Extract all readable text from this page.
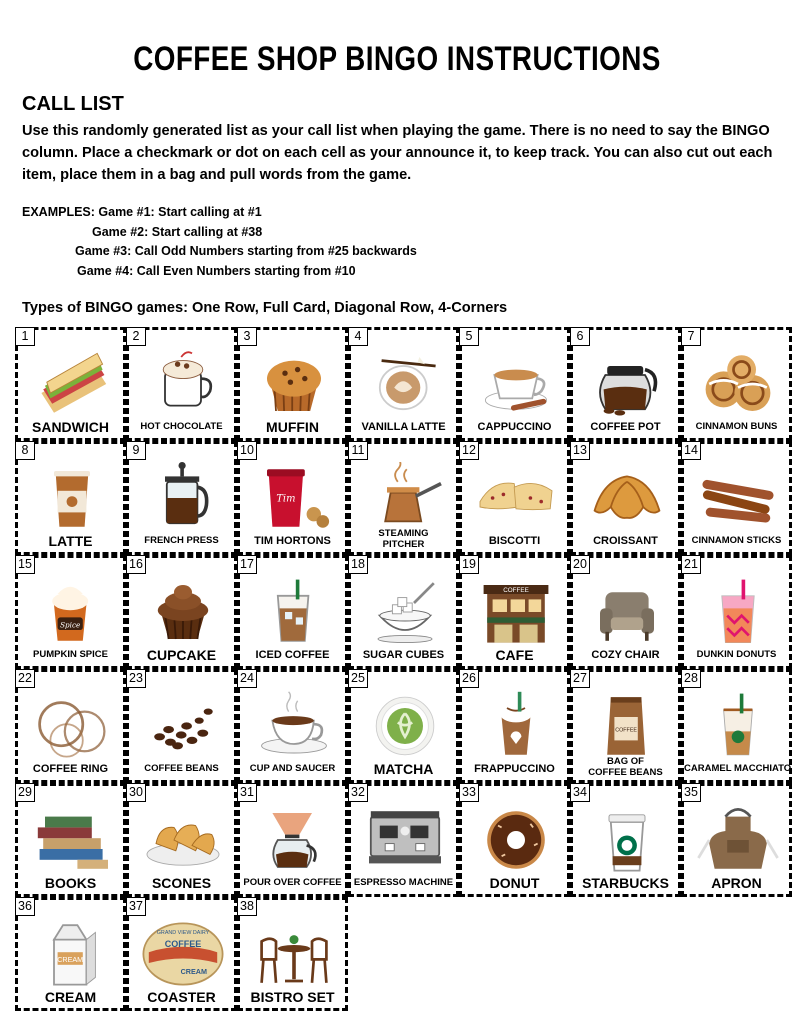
COFFEE SHOP BINGO INSTRUCTIONS
CALL LIST
Use this randomly generated list as your call list when playing the game. There is no need to say the BINGO column. Place a checkmark or dot on each cell as your announce it, to keep track. You can also cut out each item, place them in a bag and pull words from the game.
EXAMPLES: Game #1: Start calling at #1
Game #2: Start calling at #38
Game #3: Call Odd Numbers starting from #25 backwards
Game #4: Call Even Numbers starting from #10
Types of BINGO games: One Row, Full Card, Diagonal Row, 4-Corners
1
SANDWICH
2
HOT CHOCOLATE
3
MUFFIN
4
VANILLA LATTE
5
CAPPUCCINO
6
COFFEE POT
7
CINNAMON BUNS
8
LATTE
9
FRENCH PRESS
Tim
10
TIM HORTONS
11
STEAMING PITCHER
12
BISCOTTI
13
CROISSANT
14
CINNAMON STICKS
Spice
15
PUMPKIN SPICE
16
CUPCAKE
17
ICED COFFEE
18
SUGAR CUBES
COFFEE
19
CAFE
20
COZY CHAIR
21
DUNKIN DONUTS
22
COFFEE RING
23
COFFEE BEANS
24
CUP AND SAUCER
25
MATCHA
26
FRAPPUCCINO
COFFEE
27
BAG OF COFFEE BEANS
28
CARAMEL MACCHIATO
29
BOOKS
30
SCONES
31
POUR OVER COFFEE
32
ESPRESSO MACHINE
33
DONUT
34
STARBUCKS
35
APRON
CREAM
36
CREAM
GRAND VIEW DAIRY
COFFEE
CREAM
37
COASTER
38
BISTRO SET
